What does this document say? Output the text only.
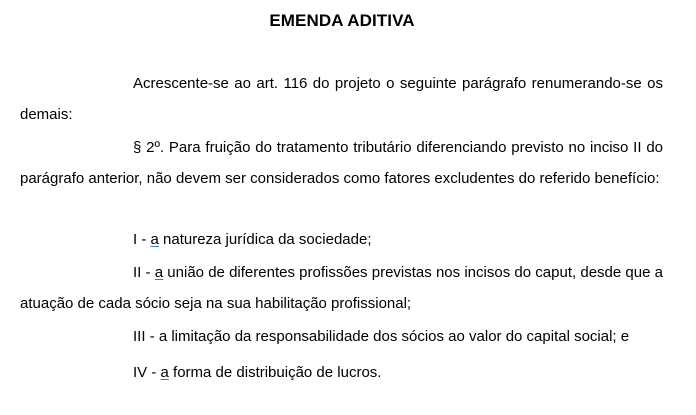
EMENDA ADITIVA

Acrescente-se ao art. 116 do projeto o seguinte parágrafo renumerando-se os demais:

§ 2º. Para fruição do tratamento tributário diferenciando previsto no inciso II do parágrafo anterior, não devem ser considerados como fatores excludentes do referido benefício:

I - a natureza jurídica da sociedade;

II - a união de diferentes profissões previstas nos incisos do caput, desde que a atuação de cada sócio seja na sua habilitação profissional;

III - a limitação da responsabilidade dos sócios ao valor do capital social; e

IV - a forma de distribuição de lucros.
